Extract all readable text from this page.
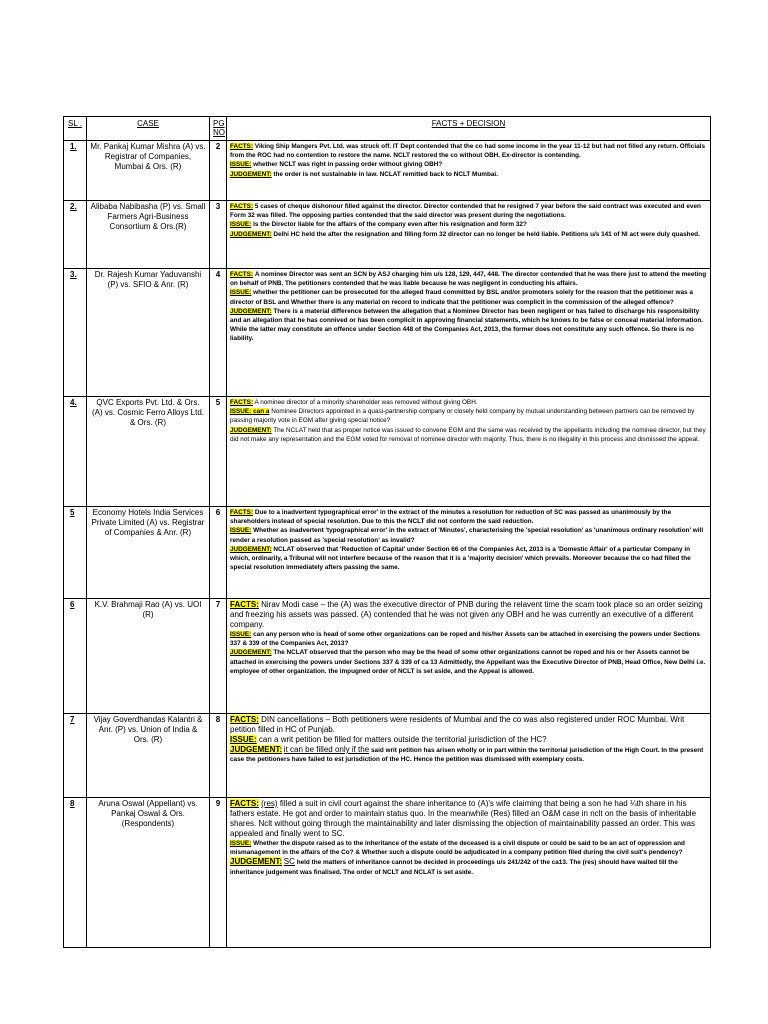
SL .	CASE	PG NO	FACTS + DECISION
1.	Mr. Pankaj Kumar Mishra (A) vs. Registrar of Companies, Mumbai & Ors. (R)	2	FACTS: Viking Ship Mangers Pvt. Ltd. was struck off. IT Dept contended that the co had some income in the year 11-12 but had not filled any return. Officials from the ROC had no contention to restore the name. NCLT restored the co without OBH. Ex-director is contending.

ISSUE: whether NCLT was right in passing order without giving OBH?

JUDGEMENT: the order is not sustainable in law. NCLAT remitted back to NCLT Mumbai.

2.	Alibaba Nabibasha (P) vs. Small Farmers Agri-Business Consortium & Ors.(R)	3	FACTS: 5 cases of cheque dishonour filled against the director. Director contended that he resigned 7 year before the said contract was executed and even Form 32 was filled. The opposing parties contended that the said director was present during the negotiations.

ISSUE: Is the Director liable for the affairs of the company even after his resignation and form 32?

JUDGEMENT: Delhi HC held the after the resignation and filling form 32 director can no longer be held liable. Petitions u/s 141 of NI act were duly quashed.

3.	Dr. Rajesh Kumar Yaduvanshi (P) vs. SFIO & Anr. (R)	4	FACTS: A nominee Director was sent an SCN by ASJ charging him u/s 128, 129, 447, 448. The director contended that he was there just to attend the meeting on behalf of PNB. The petitioners contended that he was liable because he was negligent in conducting his affairs.

ISSUE: whether the petitioner can be prosecuted for the alleged fraud committed by BSL and/or promoters solely for the reason that the petitioner was a director of BSL and Whether there is any material on record to indicate that the petitioner was complicit in the commission of the alleged offence?

JUDGEMENT: There is a material difference between the allegation that a Nominee Director has been negligent or has failed to discharge his responsibility and an allegation that he has connived or has been complicit in approving financial statements, which he knows to be false or conceal material information. While the latter may constitute an offence under Section 448 of the Companies Act, 2013, the former does not constitute any such offence. So there is no liability.

4.	QVC Exports Pvt. Ltd. & Ors. (A) vs. Cosmic Ferro Alloys Ltd. & Ors. (R)	5	FACTS: A nominee director of a minority shareholder was removed without giving OBH.

ISSUE: can a Nominee Directors appointed in a quasi-partnership company or closely held company by mutual understanding between partners can be removed by passing majority vote in EGM after giving special notice?

JUDGEMENT: The NCLAT held that as proper notice was issued to convene EGM and the same was received by the appellants including the nominee director, but they did not make any representation and the EGM voted for removal of nominee director with majority. Thus, there is no illegality in this process and dismissed the appeal.

5	Economy Hotels India Services Private Limited (A) vs. Registrar of Companies & Anr. (R)	6	FACTS: Due to a inadvertent typographical error' in the extract of the minutes a resolution for reduction of SC was passed as unanimously by the shareholders instead of special resolution. Due to this the NCLT did not conform the said reduction.

ISSUE: Whether as inadvertent 'typographical error' in the extract of 'Minutes', characterising the 'special resolution' as 'unanimous ordinary resolution' will render a resolution passed as 'special resolution' as invalid?

JUDGEMENT: NCLAT observed that 'Reduction of Capital' under Section 66 of the Companies Act, 2013 is a 'Domestic Affair' of a particular Company in which, ordinarily, a Tribunal will not interfere because of the reason that it is a 'majority decision' which prevails. Moreover because the co had filled the special resolution immediately afters passing the same.

6	K.V. Brahmaji Rao (A) vs. UOI (R)	7	FACTS: Nirav Modi case – the (A) was the executive director of PNB during the relavent time the scam took place so an order seizing and freezing his assets was passed. (A) contended that he was not given any OBH and he was currently an executive of a different company.

ISSUE: can any person who is head of some other organizations can be roped and his/her Assets can be attached in exercising the powers under Sections 337 & 339 of the Companies Act, 2013?

JUDGEMENT: The NCLAT observed that the person who may be the head of some other organizations cannot be roped and his or her Assets cannot be attached in exercising the powers under Sections 337 & 339 of ca 13 Admittedly, the Appellant was the Executive Director of PNB, Head Office, New Delhi i.e. employee of other organization. the impugned order of NCLT is set aside, and the Appeal is allowed.

7	Vijay Goverdhandas Kalantri & Anr. (P) vs. Union of India & Ors. (R)	8	FACTS: DIN cancellations – Both petitioners were residents of Mumbai and the co was also registered under ROC Mumbai. Writ petition filled in HC of Punjab.

ISSUE: can a writ petition be filled for matters outside the territorial jurisdiction of the HC?

JUDGEMENT: it can be filled only if the said writ petition has arisen wholly or in part within the territorial jurisdiction of the High Court. In the present case the petitioners have failed to est jurisdiction of the HC. Hence the petition was dismissed with exemplary costs.

8	Aruna Oswal (Appellant) vs. Pankaj Oswal & Ors. (Respondents)	9	FACTS: (res) filled a suit in civil court against the share inheritance to (A)'s wife claiming that being a son he had ¼th share in his fathers estate. He got and order to maintain status quo. In the meanwhile (Res) filled an O&M case in nclt on the basis of inheritable shares. Nclt without going through the maintainability and later dismissing the objection of maintainability passed an order. This was appealed and finally went to SC.

ISSUE: Whether the dispute raised as to the inheritance of the estate of the deceased is a civil dispute or could be said to be an act of oppression and mismanagement in the affairs of the Co? & Whether such a dispute could be adjudicated in a company petition filed during the civil suit's pendency?

JUDGEMENT: SC held the matters of inheritance cannot be decided in proceedings u/s 241/242 of the ca13. The (res) should have waited till the inheritance judgement was finalised. The order of NCLT and NCLAT is set aside.
